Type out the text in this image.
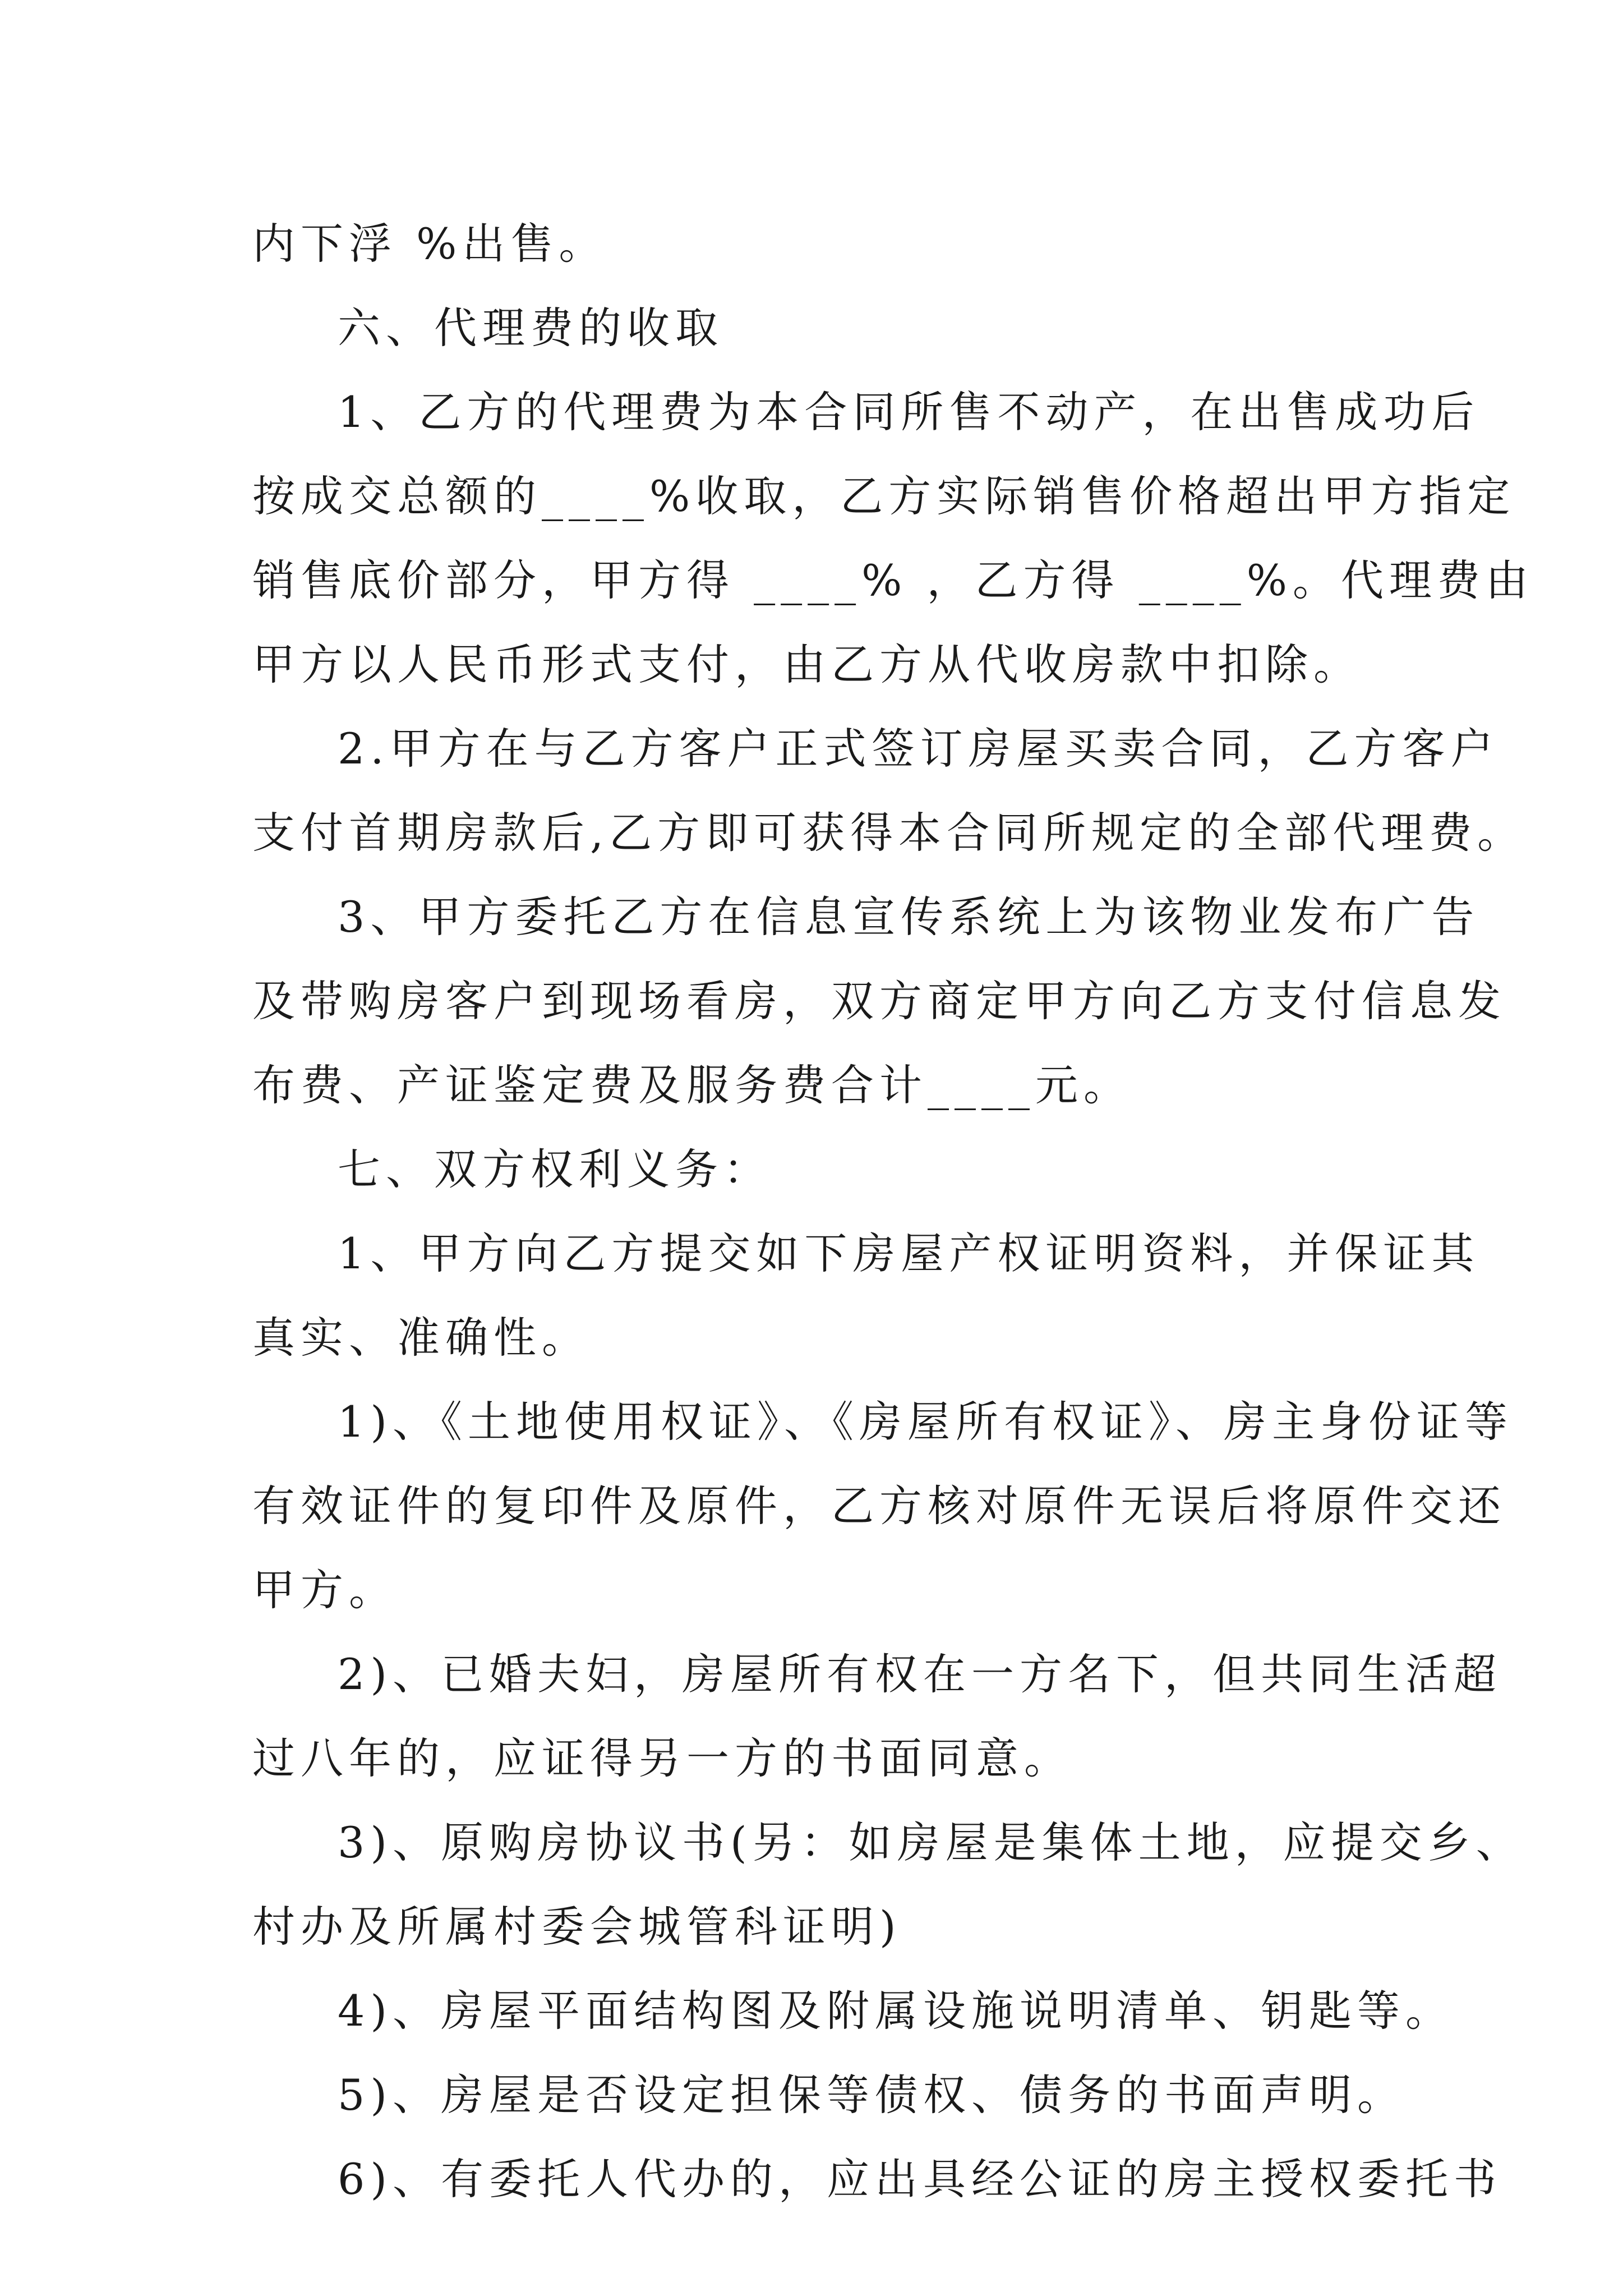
内下浮 %出售。
六、代理费的收取
1、乙方的代理费为本合同所售不动产，在出售成功后
按成交总额的____%收取，乙方实际销售价格超出甲方指定
销售底价部分，甲方得 ____% ，乙方得 ____%。代理费由
甲方以人民币形式支付，由乙方从代收房款中扣除。
2.甲方在与乙方客户正式签订房屋买卖合同，乙方客户
支付首期房款后,乙方即可获得本合同所规定的全部代理费。
3、甲方委托乙方在信息宣传系统上为该物业发布广告
及带购房客户到现场看房，双方商定甲方向乙方支付信息发
布费、产证鉴定费及服务费合计____元。
七、双方权利义务：
1、甲方向乙方提交如下房屋产权证明资料，并保证其
真实、准确性。
1)、《土地使用权证》、《房屋所有权证》、房主身份证等
有效证件的复印件及原件，乙方核对原件无误后将原件交还
甲方。
2)、已婚夫妇，房屋所有权在一方名下，但共同生活超
过八年的，应证得另一方的书面同意。
3)、原购房协议书(另：如房屋是集体土地，应提交乡、
村办及所属村委会城管科证明)
4)、房屋平面结构图及附属设施说明清单、钥匙等。
5)、房屋是否设定担保等债权、债务的书面声明。
6)、有委托人代办的，应出具经公证的房主授权委托书
